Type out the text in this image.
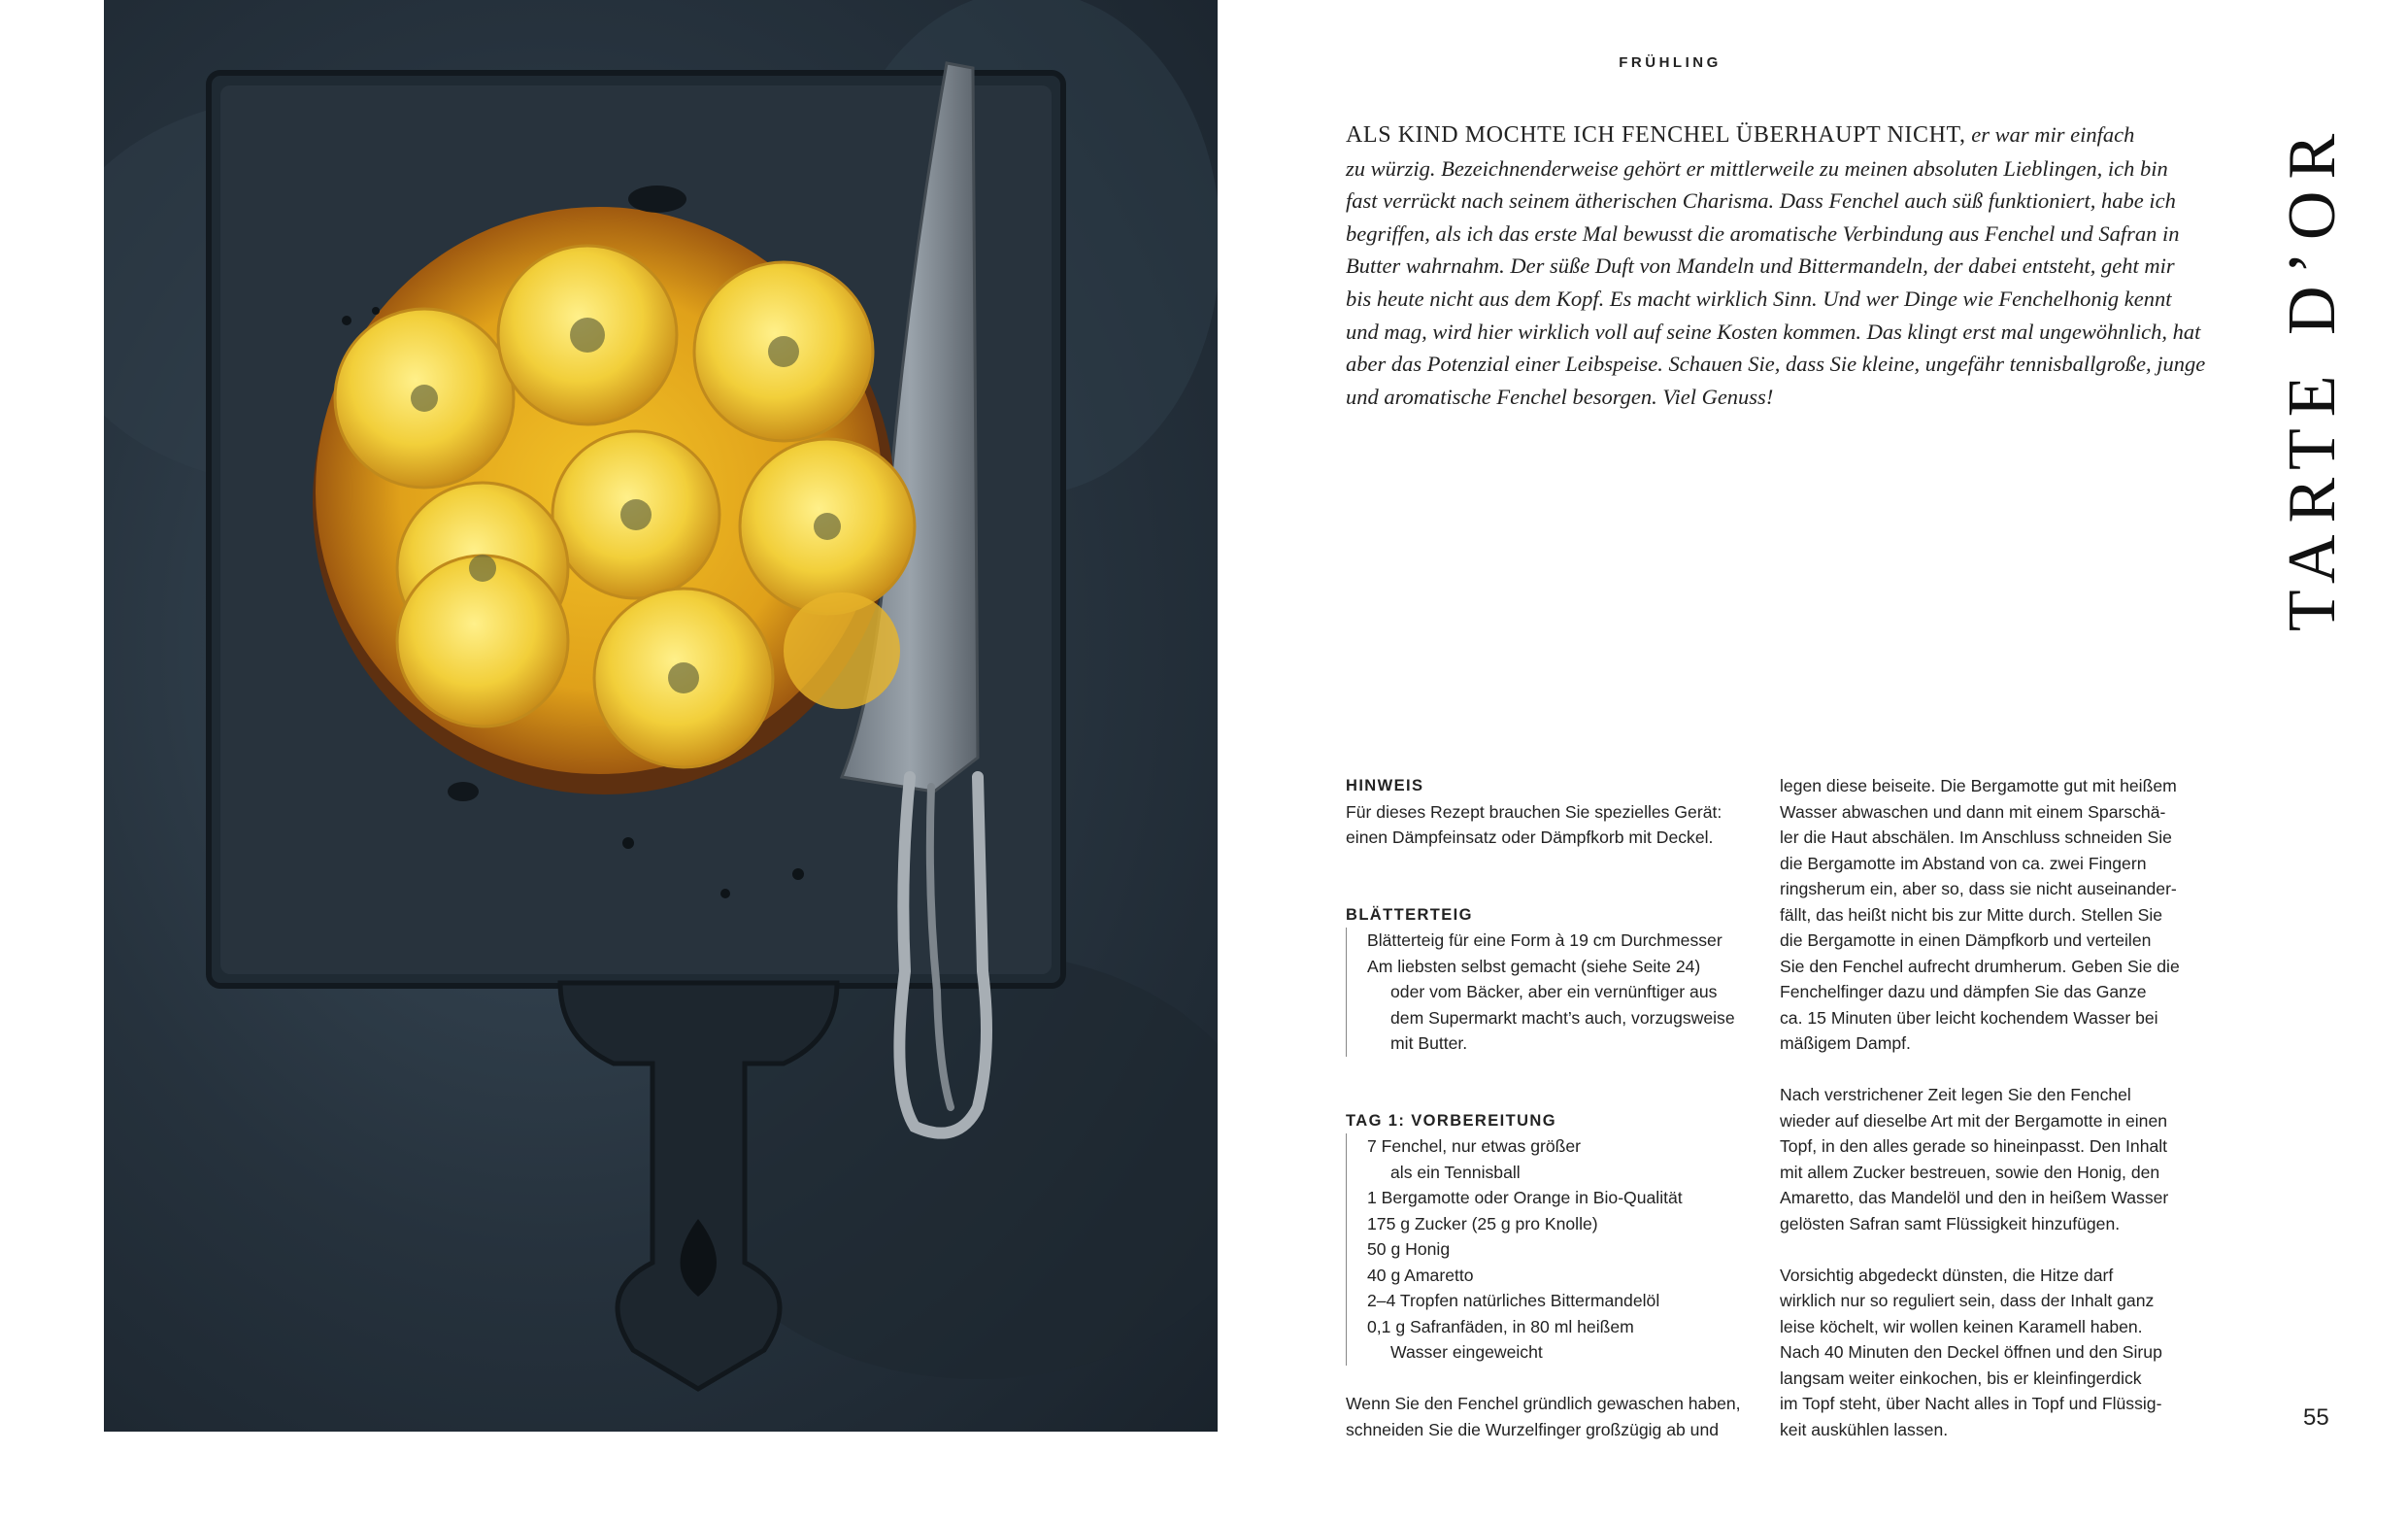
FRÜHLING
TARTE D’OR
ALS KIND MOCHTE ICH FENCHEL ÜBERHAUPT NICHT, er war mir einfach
zu würzig. Bezeichnenderweise gehört er mittlerweile zu meinen absoluten Lieblingen, ich bin
fast verrückt nach seinem ätherischen Charisma. Dass Fenchel auch süß funktioniert, habe ich
begriffen, als ich das erste Mal bewusst die aromatische Verbindung aus Fenchel und Safran in
Butter wahrnahm. Der süße Duft von Mandeln und Bittermandeln, der dabei entsteht, geht mir
bis heute nicht aus dem Kopf. Es macht wirklich Sinn. Und wer Dinge wie Fenchelhonig kennt
und mag, wird hier wirklich voll auf seine Kosten kommen. Das klingt erst mal ungewöhnlich, hat
aber das Potenzial einer Leibspeise. Schauen Sie, dass Sie kleine, ungefähr tennisballgroße, junge
und aromatische Fenchel besorgen. Viel Genuss!
HINWEIS
Für dieses Rezept brauchen Sie spezielles Gerät:
einen Dämpfeinsatz oder Dämpfkorb mit Deckel.
BLÄTTERTEIG
Blätterteig für eine Form à 19 cm Durchmesser
Am liebsten selbst gemacht (siehe Seite 24)
oder vom Bäcker, aber ein vernünftiger aus
dem Supermarkt macht’s auch, vorzugsweise
mit Butter.
TAG 1: VORBEREITUNG
7 Fenchel, nur etwas größer
als ein Tennisball
1 Bergamotte oder Orange in Bio-Qualität
175 g Zucker (25 g pro Knolle)
50 g Honig
40 g Amaretto
2–4 Tropfen natürliches Bittermandelöl
0,1 g Safranfäden, in 80 ml heißem
Wasser eingeweicht
Wenn Sie den Fenchel gründlich gewaschen haben,
schneiden Sie die Wurzelfinger großzügig ab und
legen diese beiseite. Die Bergamotte gut mit heißem
Wasser abwaschen und dann mit einem Sparschä-
ler die Haut abschälen. Im Anschluss schneiden Sie
die Bergamotte im Abstand von ca. zwei Fingern
ringsherum ein, aber so, dass sie nicht auseinander-
fällt, das heißt nicht bis zur Mitte durch. Stellen Sie
die Bergamotte in einen Dämpfkorb und verteilen
Sie den Fenchel aufrecht drumherum. Geben Sie die
Fenchelfinger dazu und dämpfen Sie das Ganze
ca. 15 Minuten über leicht kochendem Wasser bei
mäßigem Dampf.
Nach verstrichener Zeit legen Sie den Fenchel
wieder auf dieselbe Art mit der Bergamotte in einen
Topf, in den alles gerade so hineinpasst. Den Inhalt
mit allem Zucker bestreuen, sowie den Honig, den
Amaretto, das Mandelöl und den in heißem Wasser
gelösten Safran samt Flüssigkeit hinzufügen.
Vorsichtig abgedeckt dünsten, die Hitze darf
wirklich nur so reguliert sein, dass der Inhalt ganz
leise köchelt, wir wollen keinen Karamell haben.
Nach 40 Minuten den Deckel öffnen und den Sirup
langsam weiter einkochen, bis er kleinfingerdick
im Topf steht, über Nacht alles in Topf und Flüssig-
keit auskühlen lassen.	55
